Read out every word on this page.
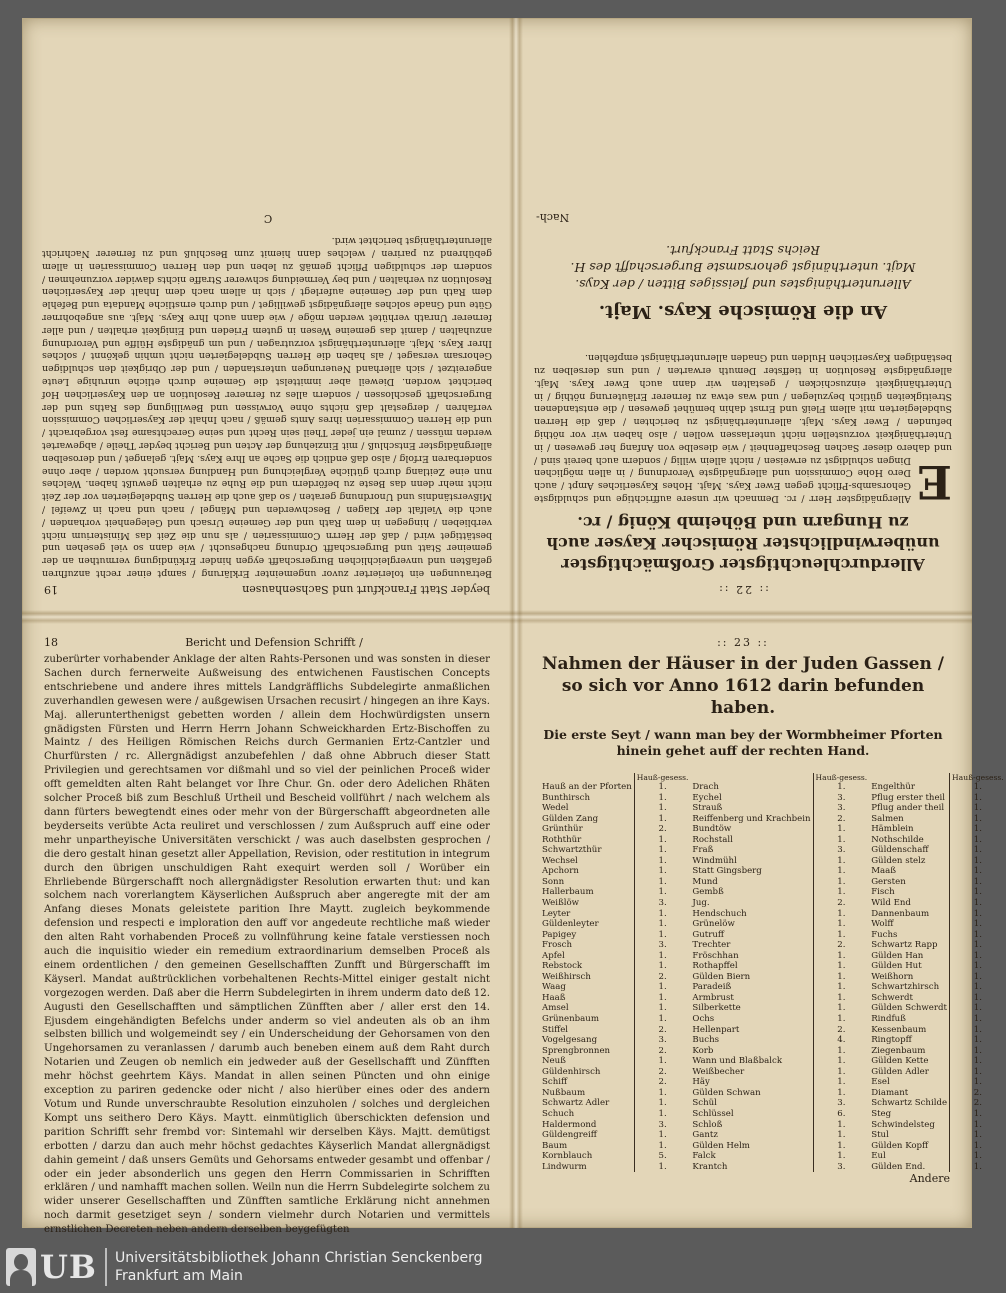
beyder Statt Franckfurt und Sachsenhausen
19

Betrauungen ein tolerierter zuvor ungemeinter Erklärung / sampt einer recht anzufhren gefaßten und unvergleichlichen Burgerschafft eygen hinder Erkündigung vermuthen an der gemeiner Statt und Burgerschafft Ordnung nachgesucht / wie dann so viel gesehen und bestättiget wird / daß der Herrn Commissarien / als nun die Zeit das Ministerium nicht verblieben / hingegen in dem Rath und der Gemeine Ursach und Gelegenheit vorhanden / auch die Vielfalt der Klagen / Beschwerden und Mängel / nach und nach in Zweifel / Mißverständnis und Unordnung geraten / so daß auch die Herren Subdelegierten vor der Zeit nicht mehr denn das Beste zu befördern und die Ruhe zu erhalten gewußt haben. Welches nun eine Zeitlang durch gütliche Vergleichung und Handlung versucht worden / aber ohne sonderbaren Erfolg / also daß endlich die Sache an Ihre Kays. Majt. gelanget / und deroselben allergnädigster Entschluß / mit Einziehung der Acten und Bericht beyder Theile / abgewartet werden müssen / zumal ein jeder Theil sein Recht und seine Gerechtsame fest vorgebracht / und die Herren Commissarien ihres Amts gemäß / nach Inhalt der Kayserlichen Commission verfahren / dergestalt daß nichts ohne Vorwissen und Bewilligung des Raths und der Burgerschafft geschlossen / sondern alles zu fernerer Resolution an den Kayserlichen Hof berichtet worden. Dieweil aber inmittelst die Gemeine durch etliche unruhige Leute angereitzet / sich allerhand Neuerungen unterstanden / und der Obrigkeit den schuldigen Gehorsam versaget / als haben die Herren Subdelegierten nicht umhin gekönnt / solches Ihrer Kays. Majt. allerunterthänigst vorzutragen / und um gnädigste Hülffe und Verordnung anzuhalten / damit das gemeine Wesen in gutem Frieden und Einigkeit erhalten / und aller fernerer Unrath verhütet werden möge / wie dann auch Ihre Kays. Majt. aus angebohrner Güte und Gnade solches allergnädigst gewilliget / und durch ernstliche Mandata und Befehle dem Rath und der Gemeine auferlegt / sich in allem nach dem Inhalt der Kayserlichen Resolution zu verhalten / und bey Vermeidung schwerer Straffe nichts dawider vorzunehmen / sondern der schuldigen Pflicht gemäß zu leben und den Herren Commissarien in allem gebührend zu pariren / welches dann hiemit zum Beschluß und zu fernerer Nachricht allerunterthänigst berichtet wird.

C
:: 22 ::
Allerdurchleuchtigster Großmächtigster unüberwindlichster Römischer Kayser auch zu Hungarn und Böheimb König / rc.

E
Allergnädigster Herr / rc. Demnach wir unsere auffrichtige und schuldigste Gehorsambs-Pflicht gegen Ewer Kays. Majt. Hohes Kayserliches Ampt / auch Dero Hohe Commission und allergnädigste Verordnung / in allen möglichen Dingen schuldigst zu erweisen / nicht allein willig / sondern auch bereit sind / und dahero dieser Sachen Beschaffenheit / wie dieselbe von Anfang her gewesen / in Unterthänigkeit vorzustellen nicht unterlassen wollen / also haben wir vor nöthig befunden / Ewer Kays. Majt. allerunterthänigst zu berichten / daß die Herren Subdelegierten mit allem Fleiß und Ernst dahin bemühet gewesen / die entstandenen Streitigkeiten gütlich beyzulegen / und was etwa zu fernerer Erläuterung nöthig / in Unterthänigkeit einzuschicken / gestalten wir dann auch Ewer Kays. Majt. allergnädigste Resolution in tieffster Demuth erwarten / und uns derselben zu beständigen Kayserlichen Hulden und Gnaden allerunterthänigst empfehlen.

An die Römische Kays. Majt.
Allerunterthänigstes und fleissiges Bitten / der Kays. Majt. unterthänigst gehorsamste Burgerschafft des H. Reichs Statt Franckfurt.
Nach-
18	Bericht und Defension Schrifft /

zuberürter vorhabender Anklage der alten Rahts-Personen und was sonsten in dieser Sachen durch fernerweite Außweisung des entwichenen Faustischen Concepts entschriebene und andere ihres mittels Landgräfflichs Subdelegirte anmaßlichen zuverhandlen gewesen were / außgewisen Ursachen recusirt / hingegen an ihre Kays. Maj. allerunterthenigst gebetten worden / allein dem Hochwürdigsten unsern gnädigsten Fürsten und Herrn Herrn Johann Schweickharden Ertz-Bischoffen zu Maintz / des Heiligen Römischen Reichs durch Germanien Ertz-Cantzler und Churfürsten / rc. Allergnädigst anzubefehlen / daß ohne Abbruch dieser Statt Privilegien und gerechtsamen vor dißmahl und so viel der peinlichen Proceß wider offt gemeldten alten Raht belanget vor Ihre Chur. Gn. oder dero Adelichen Rhäten solcher Proceß biß zum Beschluß Urtheil und Bescheid vollführt / nach welchem als dann fürters bewegtendt eines oder mehr von der Bürgerschafft abgeordneten alle beyderseits verübte Acta reuliret und verschlossen / zum Außspruch auff eine oder mehr unpartheyische Universitäten verschickt / was auch daselbsten gesprochen / die dero gestalt hinan gesetzt aller Appellation, Revision, oder restitution in integrum durch den übrigen unschuldigen Raht exequirt werden soll / Worüber ein Ehrliebende Bürgerschafft noch allergnädigster Resolution erwarten thut: und kan solchem nach vorerlangtem Käyserlichen Außspruch aber angeregte mit der am Anfang dieses Monats geleistete parition Ihre Maytt. zugleich beykommende defension und respecti e imploration den auff vor angedeute rechtliche maß wieder den alten Raht vorhabenden Proceß zu vollnführung keine fatale verstiessen noch auch die inquisitio wieder ein remedium extraordinarium demselben Proceß als einem ordentlichen / den gemeinen Gesellschafften Zunfft und Bürgerschafft im Käyserl. Mandat außtrücklichen vorbehaltenen Rechts-Mittel einiger gestalt nicht vorgezogen werden. Daß aber die Herrn Subdelegirten in ihrem underm dato deß 12. Augusti den Gesellschafften und sämptlichen Zünfften aber / aller erst den 14. Ejusdem eingehändigten Befelchs under anderm so viel andeuten als ob an ihm selbsten billich und wolgemeindt sey / ein Underscheidung der Gehorsamen von den Ungehorsamen zu veranlassen / darumb auch beneben einem auß dem Raht durch Notarien und Zeugen ob nemlich ein jedweder auß der Gesellschafft und Zünfften mehr höchst geehrtem Käys. Mandat in allen seinen Püncten und ohn einige exception zu pariren gedencke oder nicht / also hierüber eines oder des andern Votum und Runde unverschraubte Resolution einzuholen / solches und dergleichen Kompt uns seithero Dero Käys. Maytt. einmütiglich überschickten defension und parition Schrifft sehr frembd vor: Sintemahl wir derselben Käys. Majtt. demütigst erbotten / darzu dan auch mehr höchst gedachtes Käyserlich Mandat allergnädigst dahin gemeint / daß unsers Gemüts und Gehorsams entweder gesambt und offenbar / oder ein jeder absonderlich uns gegen den Herrn Commissarien in Schrifften erklären / und namhafft machen sollen. Weiln nun die Herrn Subdelegirte solchem zu wider unserer Gesellschafften und Zünfften samtliche Erklärung nicht annehmen noch darmit gesetziget seyn / sondern vielmehr durch Notarien und vermittels ernstlichen Decreten neben andern derselben beygefügten

:: 23 ::
Nahmen der Häuser in der Juden Gassen / so sich vor Anno 1612 darin befunden haben.
Die erste Seyt / wann man bey der Wormbheimer Pforten hinein gehet auff der rechten Hand.
	Hauß-gesess.		Hauß-gesess.		Hauß-gesess.
Hauß an der Pforten	1.	Drach	1.	Engelthür	1.
Bunthirsch	1.	Eychel	3.	Pflug erster theil	1.
Wedel	1.	Strauß	3.	Pflug ander theil	1.
Gülden Zang	1.	Reiffenberg und Krachbein	2.	Salmen	1.
Grünthür	2.	Bundtöw	1.	Hämblein	1.
Roththür	1.	Rochstall	1.	Nothschilde	1.
Schwartzthür	1.	Fraß	3.	Güldenschaff	1.
Wechsel	1.	Windmühl	1.	Gülden stelz	1.
Apchorn	1.	Statt Gingsberg	1.	Maaß	1.
Sonn	1.	Mund	1.	Gersten	1.
Hallerbaum	1.	Gembß	1.	Fisch	1.
Weißlöw	3.	Jug.	2.	Wild End	1.
Leyter	1.	Hendschuch	1.	Dannenbaum	1.
Güldenleyter	1.	Grünelöw	1.	Wolff	1.
Papigey	1.	Gutruff	1.	Fuchs	1.
Frosch	3.	Trechter	2.	Schwartz Rapp	1.
Apfel	1.	Fröschhan	1.	Gülden Han	1.
Rebstock	1.	Rothapffel	1.	Gülden Hut	1.
Weißhirsch	2.	Gülden Biern	1.	Weißhorn	1.
Waag	1.	Paradeiß	1.	Schwartzhirsch	1.
Haaß	1.	Armbrust	1.	Schwerdt	1.
Amsel	1.	Silberkette	1.	Gülden Schwerdt	1.
Grünenbaum	1.	Ochs	1.	Rindfuß	1.
Stiffel	2.	Hellenpart	2.	Kessenbaum	1.
Vogelgesang	3.	Buchs	4.	Ringtopff	1.
Sprengbronnen	2.	Korb	1.	Ziegenbaum	1.
Neuß	1.	Wann und Blaßbalck	1.	Gülden Kette	1.
Güldenhirsch	2.	Weißbecher	1.	Gülden Adler	1.
Schiff	2.	Häy	1.	Esel	1.
Nußbaum	1.	Gülden Schwan	1.	Diamant	2.
Schwartz Adler	1.	Schül	3.	Schwartz Schilde	2.
Schuch	1.	Schlüssel	6.	Steg	1.
Haldermond	3.	Schloß	1.	Schwindelsteg	1.
Güldengreiff	1.	Gantz	1.	Stul	1.
Baum	1.	Gülden Helm	1.	Gülden Kopff	1.
Kornblauch	5.	Falck	1.	Eul	1.
Lindwurm	1.	Krantch	3.	Gülden End.	1.
Andere
UB	Universitätsbibliothek Johann Christian Senckenberg
Frankfurt am Main
